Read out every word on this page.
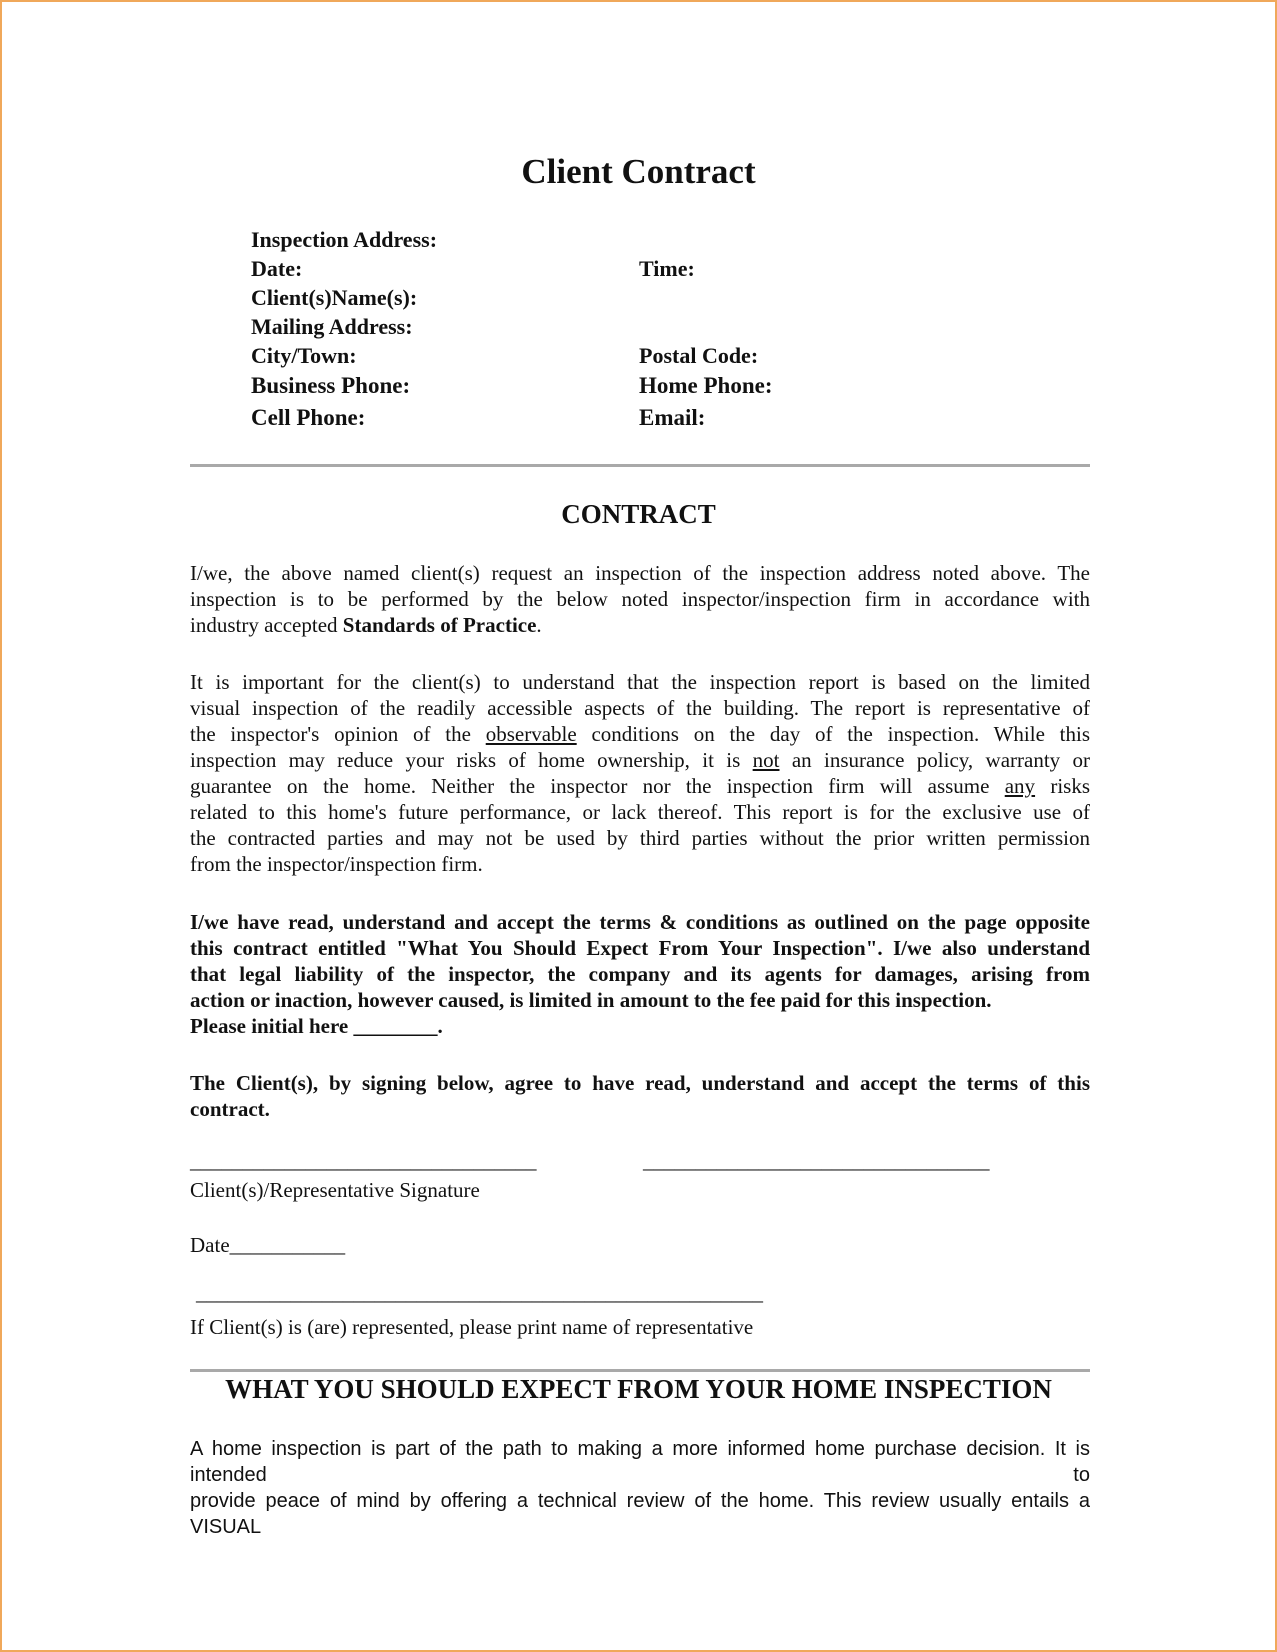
Client Contract
Inspection Address:
Date:	Time:
Client(s)Name(s):
Mailing Address:
City/Town:	Postal Code:
Business Phone:	Home Phone:
Cell Phone:	Email:
CONTRACT
I/we, the above named client(s) request an inspection of the inspection address noted above. The
inspection is to be performed by the below noted inspector/inspection firm in accordance with
industry accepted Standards of Practice.
It is important for the client(s) to understand that the inspection report is based on the limited
visual inspection of the readily accessible aspects of the building. The report is representative of
the inspector's opinion of the observable conditions on the day of the inspection. While this
inspection may reduce your risks of home ownership, it is not an insurance policy, warranty or
guarantee on the home. Neither the inspector nor the inspection firm will assume any risks
related to this home's future performance, or lack thereof. This report is for the exclusive use of
the contracted parties and may not be used by third parties without the prior written permission
from the inspector/inspection firm.
I/we have read, understand and accept the terms & conditions as outlined on the page opposite
this contract entitled "What You Should Expect From Your Inspection". I/we also understand
that legal liability of the inspector, the company and its agents for damages, arising from
action or inaction, however caused, is limited in amount to the fee paid for this inspection.
Please initial here ________.
The Client(s), by signing below, agree to have read, understand and accept the terms of this
contract.
_________________________________	_________________________________
Client(s)/Representative Signature
Date___________
______________________________________________________
If Client(s) is (are) represented, please print name of representative
WHAT YOU SHOULD EXPECT FROM YOUR HOME INSPECTION
A home inspection is part of the path to making a more informed home purchase decision. It is intended to
provide peace of mind by offering a technical review of the home. This review usually entails a VISUAL
